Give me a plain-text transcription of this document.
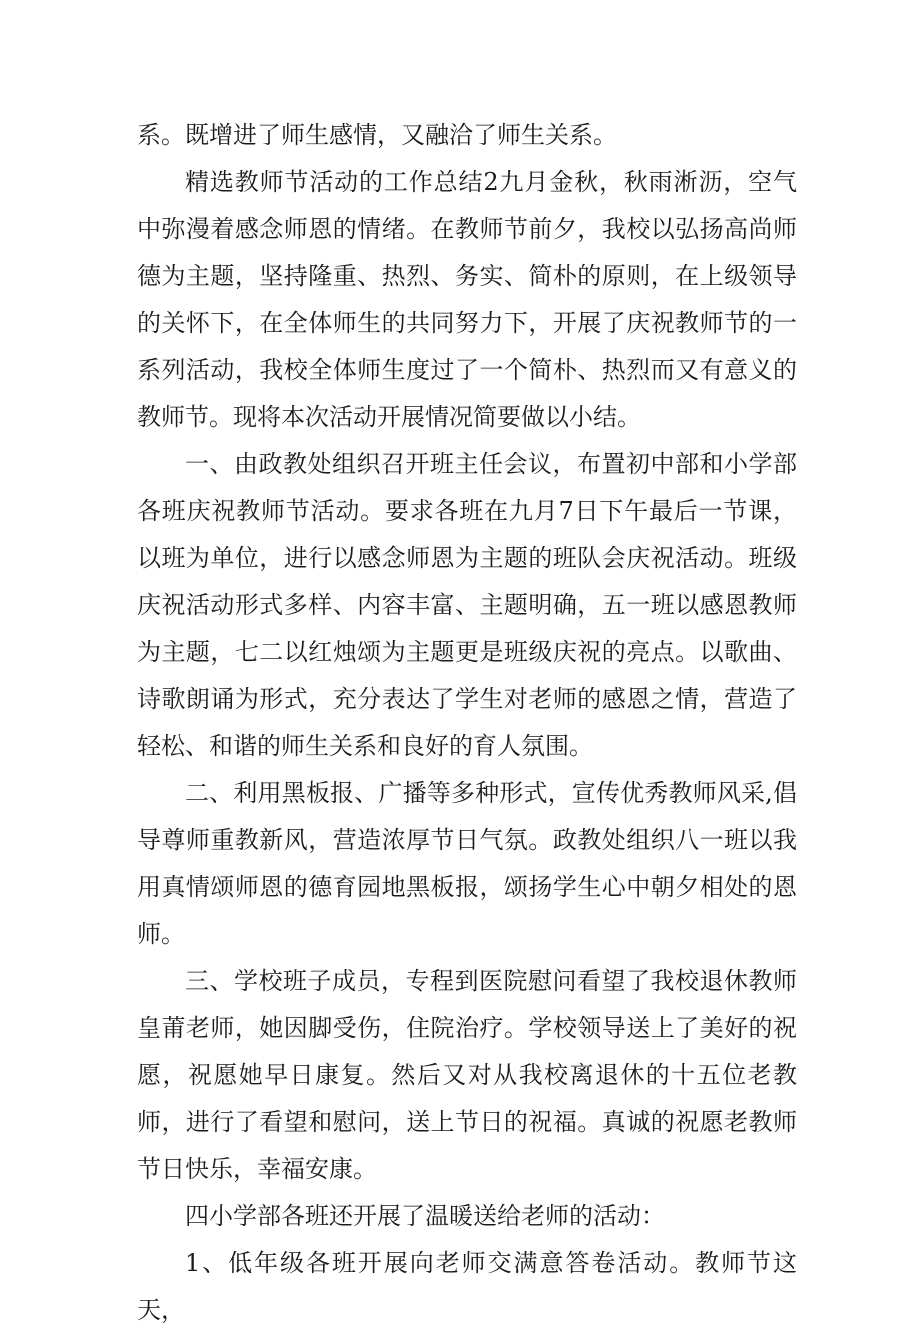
系。既增进了师生感情，又融洽了师生关系。

精选教师节活动的工作总结2九月金秋，秋雨淅沥，空气中弥漫着感念师恩的情绪。在教师节前夕，我校以弘扬高尚师德为主题，坚持隆重、热烈、务实、简朴的原则，在上级领导的关怀下，在全体师生的共同努力下，开展了庆祝教师节的一系列活动，我校全体师生度过了一个简朴、热烈而又有意义的教师节。现将本次活动开展情况简要做以小结。

一、由政教处组织召开班主任会议，布置初中部和小学部各班庆祝教师节活动。要求各班在九月7日下午最后一节课，以班为单位，进行以感念师恩为主题的班队会庆祝活动。班级庆祝活动形式多样、内容丰富、主题明确，五一班以感恩教师为主题，七二以红烛颂为主题更是班级庆祝的亮点。以歌曲、诗歌朗诵为形式，充分表达了学生对老师的感恩之情，营造了轻松、和谐的师生关系和良好的育人氛围。

二、利用黑板报、广播等多种形式，宣传优秀教师风采,倡导尊师重教新风，营造浓厚节日气氛。政教处组织八一班以我用真情颂师恩的德育园地黑板报，颂扬学生心中朝夕相处的恩师。

三、学校班子成员，专程到医院慰问看望了我校退休教师皇莆老师，她因脚受伤，住院治疗。学校领导送上了美好的祝愿，祝愿她早日康复。然后又对从我校离退休的十五位老教师，进行了看望和慰问，送上节日的祝福。真诚的祝愿老教师节日快乐，幸福安康。

四小学部各班还开展了温暖送给老师的活动：

1、低年级各班开展向老师交满意答卷活动。教师节这天，
